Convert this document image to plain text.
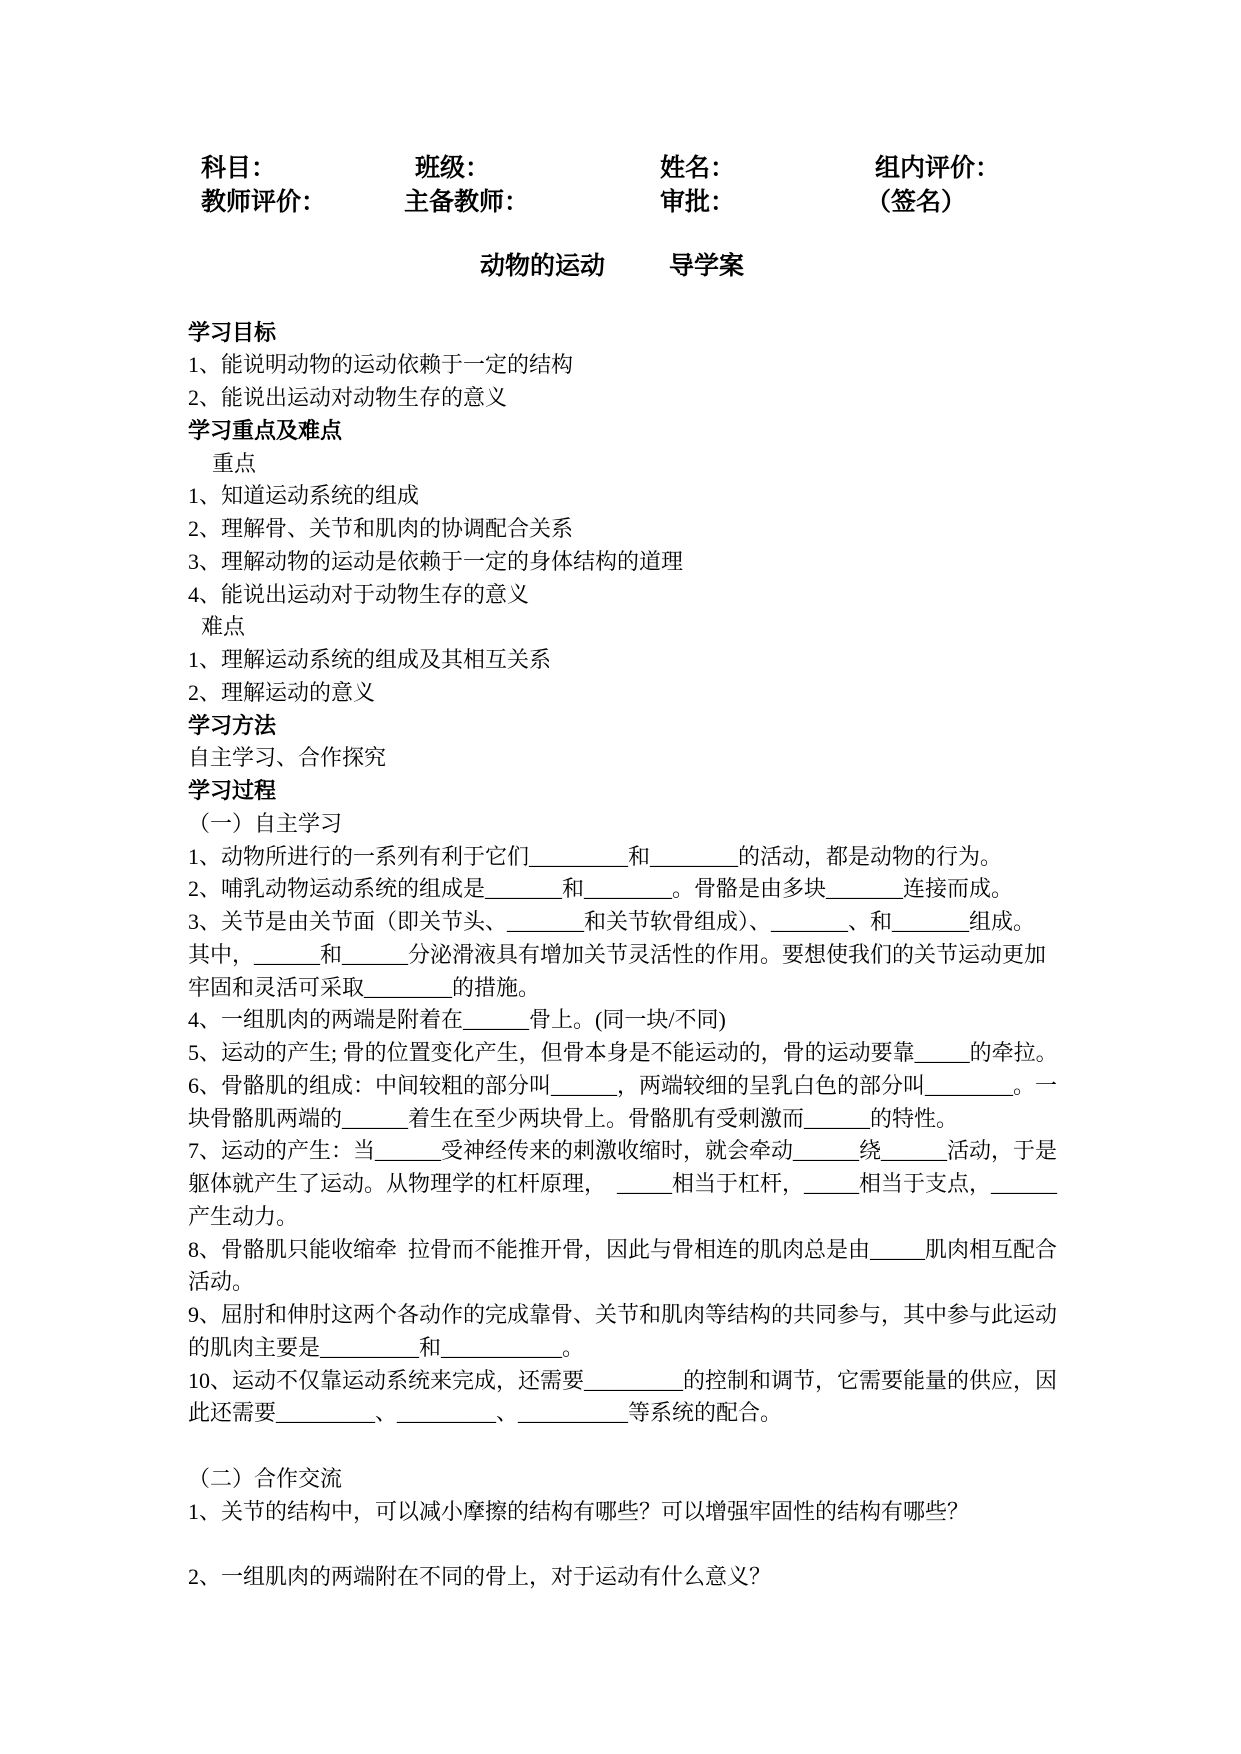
科目：	班级：	姓名：	组内评价：
教师评价：	主备教师：	审批：	（签名）
动物的运动	导学案
学习目标
1、能说明动物的运动依赖于一定的结构
2、能说出运动对动物生存的意义
学习重点及难点
重点
1、知道运动系统的组成
2、理解骨、关节和肌肉的协调配合关系
3、理解动物的运动是依赖于一定的身体结构的道理
4、能说出运动对于动物生存的意义
难点
1、理解运动系统的组成及其相互关系
2、理解运动的意义
学习方法
自主学习、合作探究
学习过程
（一）自主学习
1、动物所进行的一系列有利于它们_________和________的活动，都是动物的行为。
2、哺乳动物运动系统的组成是_______和________。骨骼是由多块_______连接而成。
3、关节是由关节面（即关节头、_______和关节软骨组成）、_______、和_______组成。
其中，______和______分泌滑液具有增加关节灵活性的作用。要想使我们的关节运动更加
牢固和灵活可采取________的措施。
4、一组肌肉的两端是附着在______骨上。(同一块/不同)
5、运动的产生; 骨的位置变化产生，但骨本身是不能运动的，骨的运动要靠_____的牵拉。
6、骨骼肌的组成：中间较粗的部分叫______，两端较细的呈乳白色的部分叫________。一
块骨骼肌两端的______着生在至少两块骨上。骨骼肌有受刺激而______的特性。
7、运动的产生：当______受神经传来的刺激收缩时，就会牵动______绕______活动，于是
躯体就产生了运动。从物理学的杠杆原理，  _____相当于杠杆，_____相当于支点，______
产生动力。
8、骨骼肌只能收缩牵  拉骨而不能推开骨，因此与骨相连的肌肉总是由_____肌肉相互配合
活动。
9、屈肘和伸肘这两个各动作的完成靠骨、关节和肌肉等结构的共同参与，其中参与此运动
的肌肉主要是_________和___________。
10、运动不仅靠运动系统来完成，还需要_________的控制和调节，它需要能量的供应，因
此还需要_________、_________、__________等系统的配合。
（二）合作交流
1、关节的结构中，可以减小摩擦的结构有哪些？可以增强牢固性的结构有哪些？
2、一组肌肉的两端附在不同的骨上，对于运动有什么意义？
